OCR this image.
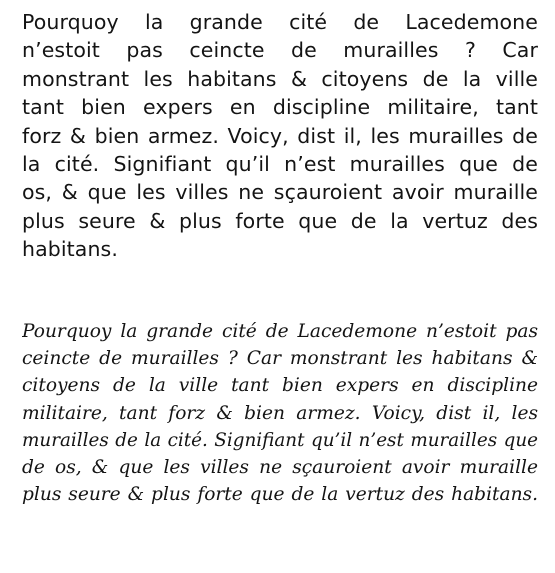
Pourquoy la grande cité de Lacedemone
n’estoit pas ceincte de murailles ? Car
monstrant les habitans & citoyens de la ville
tant bien expers en discipline militaire, tant
forz & bien armez. Voicy, dist il, les murailles de
la cité. Signifiant qu’il n’est murailles que de
os, & que les villes ne sçauroient avoir muraille
plus seure & plus forte que de la vertuz des
habitans.
Pourquoy la grande cité de Lacedemone n’estoit pas
ceincte de murailles ? Car monstrant les habitans &
citoyens de la ville tant bien expers en discipline
militaire, tant forz & bien armez. Voicy, dist il, les
murailles de la cité. Signifiant qu’il n’est murailles que
de os, & que les villes ne sçauroient avoir muraille
plus seure & plus forte que de la vertuz des habitans.
